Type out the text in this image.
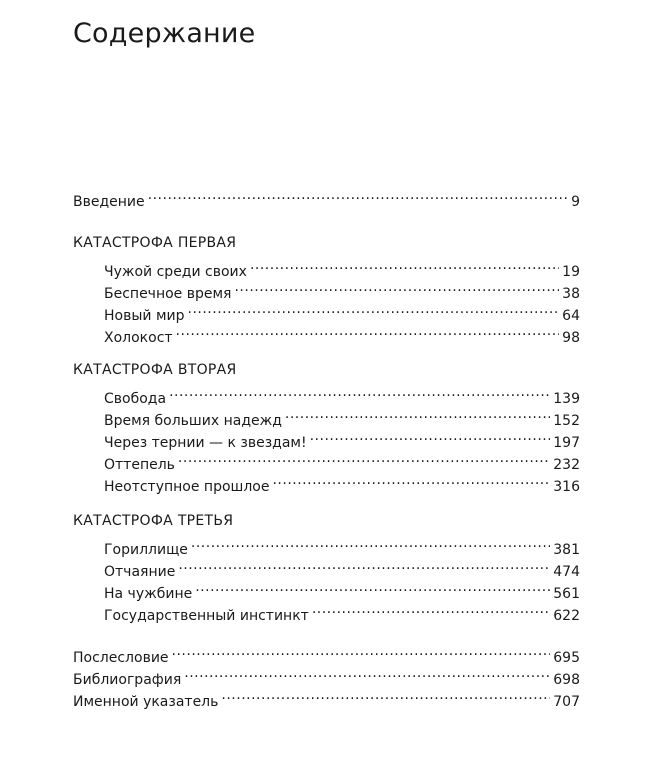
Содержание
Введение .....	9
КАТАСТРОФА ПЕРВАЯ
Чужой среди своих .....	19
Беспечное время .....	38
Новый мир .....	64
Холокост .....	98
КАТАСТРОФА ВТОРАЯ
Свобода .....	139
Время больших надежд .....	152
Через тернии — к звездам! .....	197
Оттепель .....	232
Неотступное прошлое .....	316
КАТАСТРОФА ТРЕТЬЯ
Гориллище .....	381
Отчаяние .....	474
На чужбине .....	561
Государственный инстинкт .....	622
Послесловие .....	695
Библиография .....	698
Именной указатель .....	707
